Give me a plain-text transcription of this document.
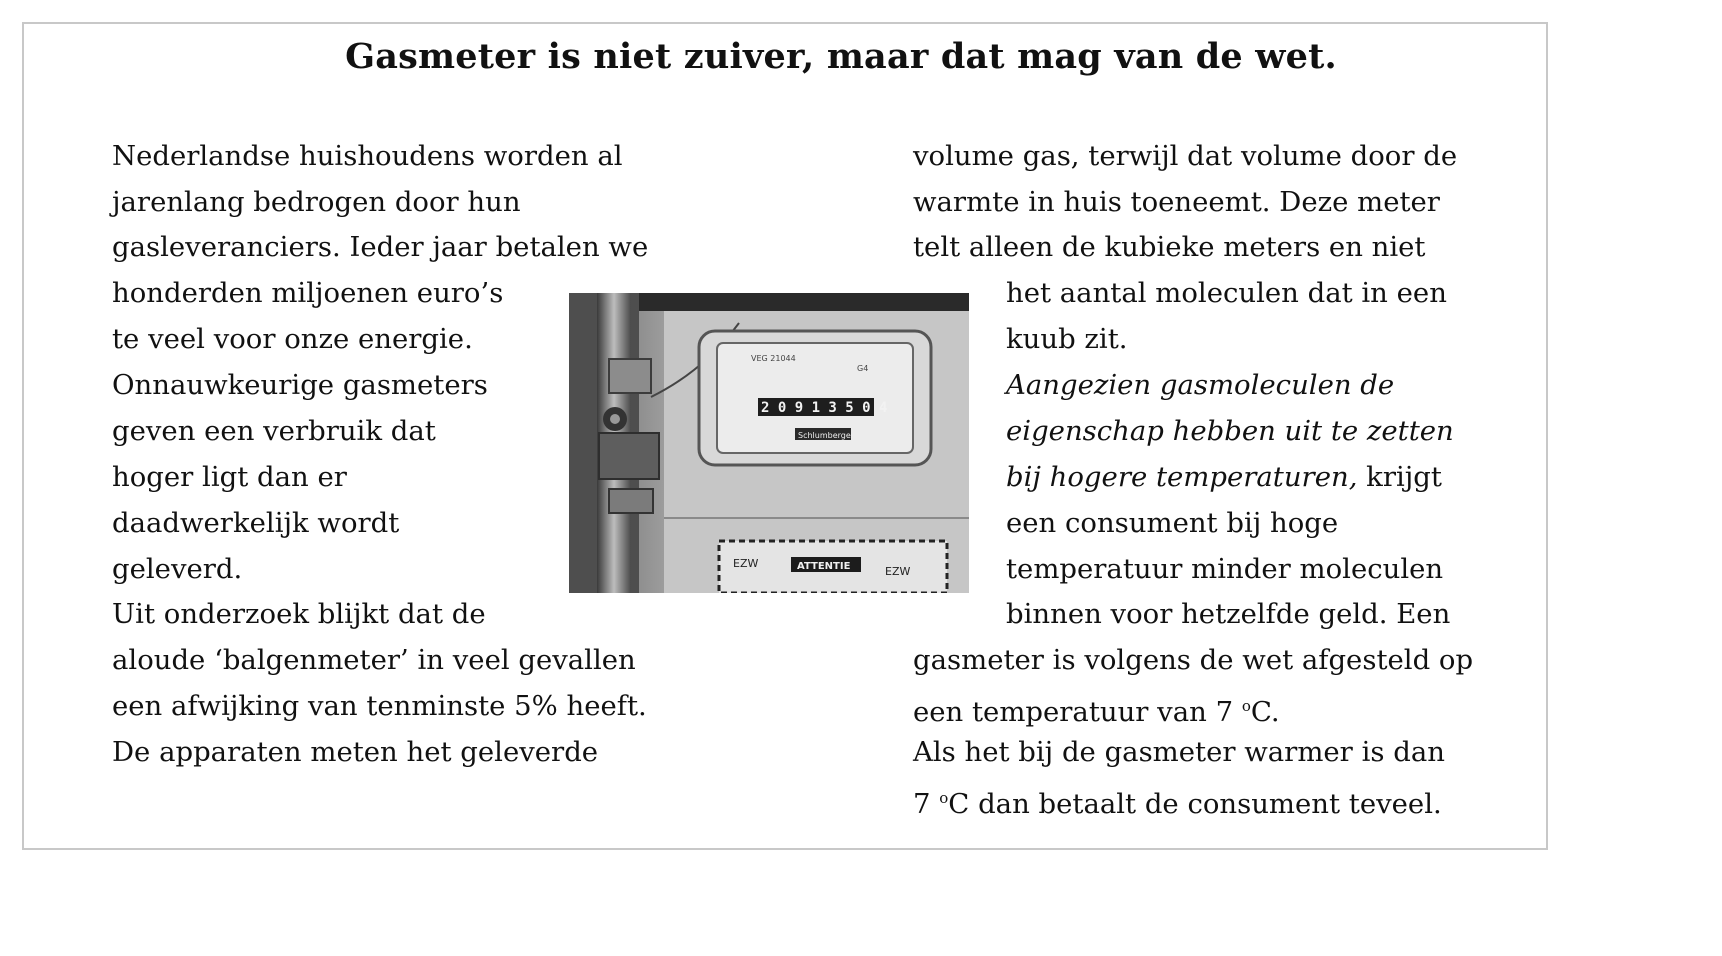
Gasmeter is niet zuiver, maar dat mag van de wet.
Nederlandse huishoudens worden al
jarenlang bedrogen door hun
gasleveranciers. Ieder jaar betalen we
honderden miljoenen euro’s
te veel voor onze energie.
Onnauwkeurige gasmeters
geven een verbruik dat
hoger ligt dan er
daadwerkelijk wordt
geleverd.
Uit onderzoek blijkt dat de
aloude ‘balgenmeter’ in veel gevallen
een afwijking van tenminste 5% heeft.
De apparaten meten het geleverde
volume gas, terwijl dat volume door de
warmte in huis toeneemt. Deze meter
telt alleen de kubieke meters en niet
het aantal moleculen dat in een
kuub zit.
Aangezien gasmoleculen de
eigenschap hebben uit te zetten
bij hogere temperaturen, krijgt
een consument bij hoge
temperatuur minder moleculen
binnen voor hetzelfde geld. Een
gasmeter is volgens de wet afgesteld op
een temperatuur van 7 $^o$C.
Als het bij de gasmeter warmer is dan
7 $^o$C dan betaalt de consument teveel.
VEG 21044
G4
2 0 9 1 3 5 0 4
Schlumberger
EZW	ATTENTIE	EZW
